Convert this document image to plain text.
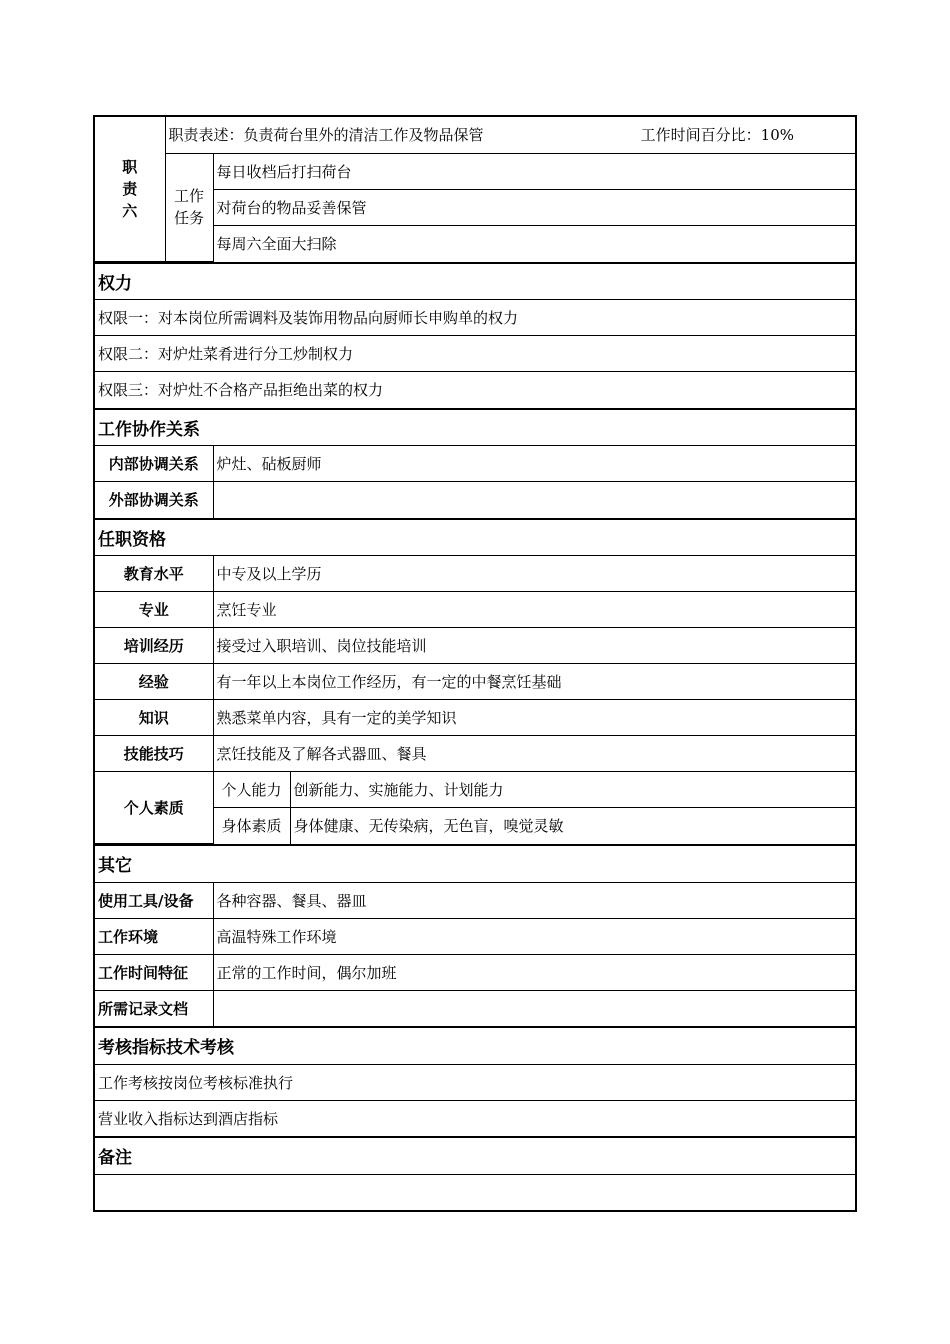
职
责
六	职责表述：负责荷台里外的清洁工作及物品保管 工作时间百分比：10%	

	工作任务	每日收档后打扫荷台
		对荷台的物品妥善保管
		每周六全面大扫除
权力
权限一：对本岗位所需调料及装饰用物品向厨师长申购单的权力
权限二：对炉灶菜肴进行分工炒制权力
权限三：对炉灶不合格产品拒绝出菜的权力
工作协作关系	
内部协调关系	炉灶、砧板厨师
外部协调关系	
任职资格		
教育水平	中专及以上学历	
专业	烹饪专业	
培训经历	接受过入职培训、岗位技能培训	
经验	有一年以上本岗位工作经历，有一定的中餐烹饪基础	
知识	熟悉菜单内容，具有一定的美学知识	
技能技巧	烹饪技能及了解各式器皿、餐具	
个人素质	个人能力	创新能力、实施能力、计划能力
	身体素质	身体健康、无传染病，无色盲，嗅觉灵敏
其它	
使用工具/设备	各种容器、餐具、器皿
工作环境	高温特殊工作环境
工作时间特征	正常的工作时间，偶尔加班
所需记录文档	
考核指标技术考核
工作考核按岗位考核标准执行
营业收入指标达到酒店指标
备注
